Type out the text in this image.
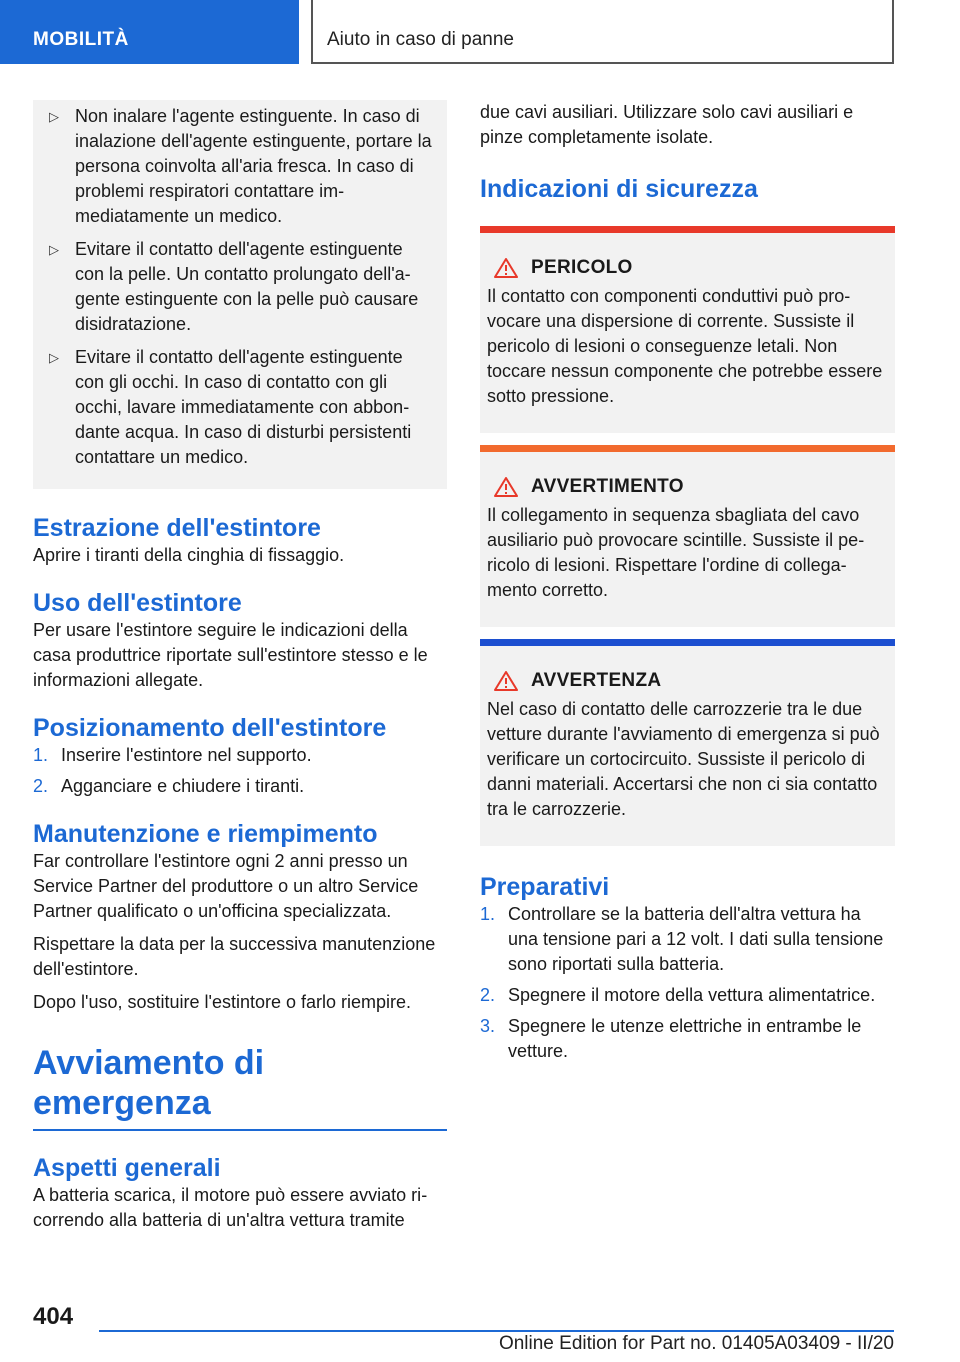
MOBILITÀ	Aiuto in caso di panne
▷ Non inalare l'agente estinguente. In caso di inalazione dell'agente estinguente, portare la persona coinvolta all'aria fresca. In caso di problemi respiratori contattare immediatamente un medico.
▷ Evitare il contatto dell'agente estinguente con la pelle. Un contatto prolungato dell'agente estinguente con la pelle può causare disidratazione.
▷ Evitare il contatto dell'agente estinguente con gli occhi. In caso di contatto con gli occhi, lavare immediatamente con abbondante acqua. In caso di disturbi persistenti contattare un medico.
Estrazione dell'estintore

Aprire i tiranti della cinghia di fissaggio.

Uso dell'estintore

Per usare l'estintore seguire le indicazioni della casa produttrice riportate sull'estintore stesso e le informazioni allegate.

Posizionamento dell'estintore
1. Inserire l'estintore nel supporto.
2. Agganciare e chiudere i tiranti.
Manutenzione e riempimento

Far controllare l'estintore ogni 2 anni presso un Service Partner del produttore o un altro Service Partner qualificato o un'officina specializzata.

Rispettare la data per la successiva manutenzione dell'estintore.

Dopo l'uso, sostituire l'estintore o farlo riempire.

Avviamento di emergenza
Aspetti generali

A batteria scarica, il motore può essere avviato ricorrendo alla batteria di un'altra vettura tramite

due cavi ausiliari. Utilizzare solo cavi ausiliari e pinze completamente isolate.

Indicazioni di sicurezza
PERICOLO

Il contatto con componenti conduttivi può provocare una dispersione di corrente. Sussiste il pericolo di lesioni o conseguenze letali. Non toccare nessun componente che potrebbe essere sotto pressione.

AVVERTIMENTO

Il collegamento in sequenza sbagliata del cavo ausiliario può provocare scintille. Sussiste il pericolo di lesioni. Rispettare l'ordine di collegamento corretto.

AVVERTENZA

Nel caso di contatto delle carrozzerie tra le due vetture durante l'avviamento di emergenza si può verificare un cortocircuito. Sussiste il pericolo di danni materiali. Accertarsi che non ci sia contatto tra le carrozzerie.

Preparativi
1. Controllare se la batteria dell'altra vettura ha una tensione pari a 12 volt. I dati sulla tensione sono riportati sulla batteria.
2. Spegnere il motore della vettura alimentatrice.
3. Spegnere le utenze elettriche in entrambe le vetture.
404
Online Edition for Part no. 01405A03409 - II/20
